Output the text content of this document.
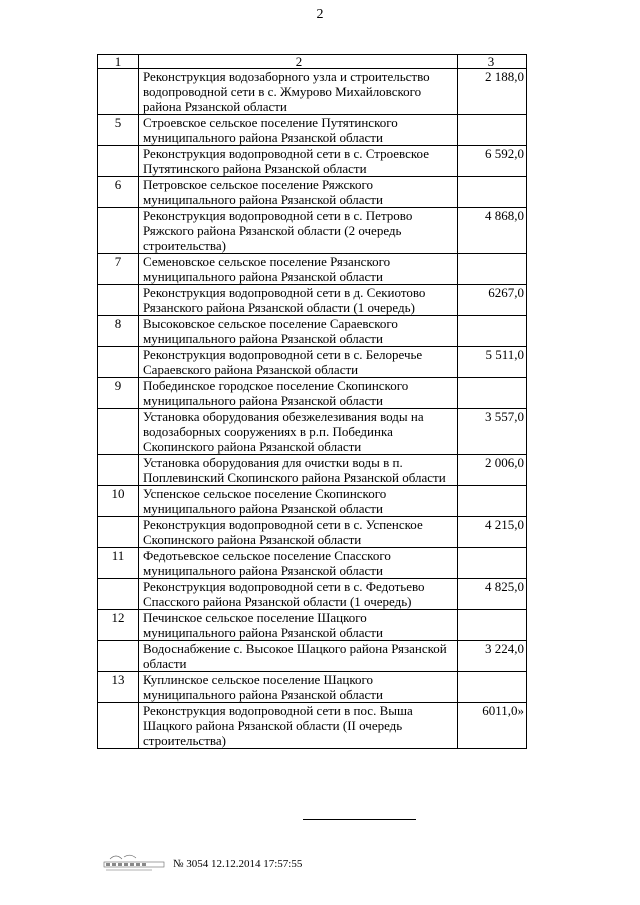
2
1	2	3
	Реконструкция водозаборного узла и строительство водопроводной сети в с. Жмурово Михайловского района Рязанской области	2 188,0
5	Строевское сельское поселение Путятинского муниципального района Рязанской области	
	Реконструкция водопроводной сети в с. Строевское Путятинского района Рязанской области	6 592,0
6	Петровское сельское поселение Ряжского муниципального района Рязанской области	
	Реконструкция водопроводной сети в с. Петрово Ряжского района Рязанской области (2 очередь строительства)	4 868,0
7	Семеновское сельское поселение Рязанского муниципального района Рязанской области	
	Реконструкция водопроводной сети в д. Секиотово Рязанского района Рязанской области (1 очередь)	6267,0
8	Высоковское сельское поселение Сараевского муниципального района Рязанской области	
	Реконструкция водопроводной сети в с. Белоречье Сараевского района Рязанской области	5 511,0
9	Побединское городское поселение Скопинского муниципального района Рязанской области	
	Установка оборудования обезжелезивания воды на водозаборных сооружениях в р.п. Побединка Скопинского района Рязанской области	3 557,0
	Установка оборудования для очистки воды в п. Поплевинский Скопинского района Рязанской области	2 006,0
10	Успенское сельское поселение Скопинского муниципального района Рязанской области	
	Реконструкция водопроводной сети в с. Успенское Скопинского района Рязанской области	4 215,0
11	Федотьевское сельское поселение Спасского муниципального района Рязанской области	
	Реконструкция водопроводной сети в с. Федотьево Спасского района Рязанской области (1 очередь)	4 825,0
12	Печинское сельское поселение Шацкого муниципального района Рязанской области	
	Водоснабжение с. Высокое Шацкого района Рязанской области	3 224,0
13	Куплинское сельское поселение Шацкого муниципального района Рязанской области	
	Реконструкция водопроводной сети в пос. Выша Шацкого района Рязанской области (II очередь строительства)	6011,0»
№ 3054 12.12.2014 17:57:55
